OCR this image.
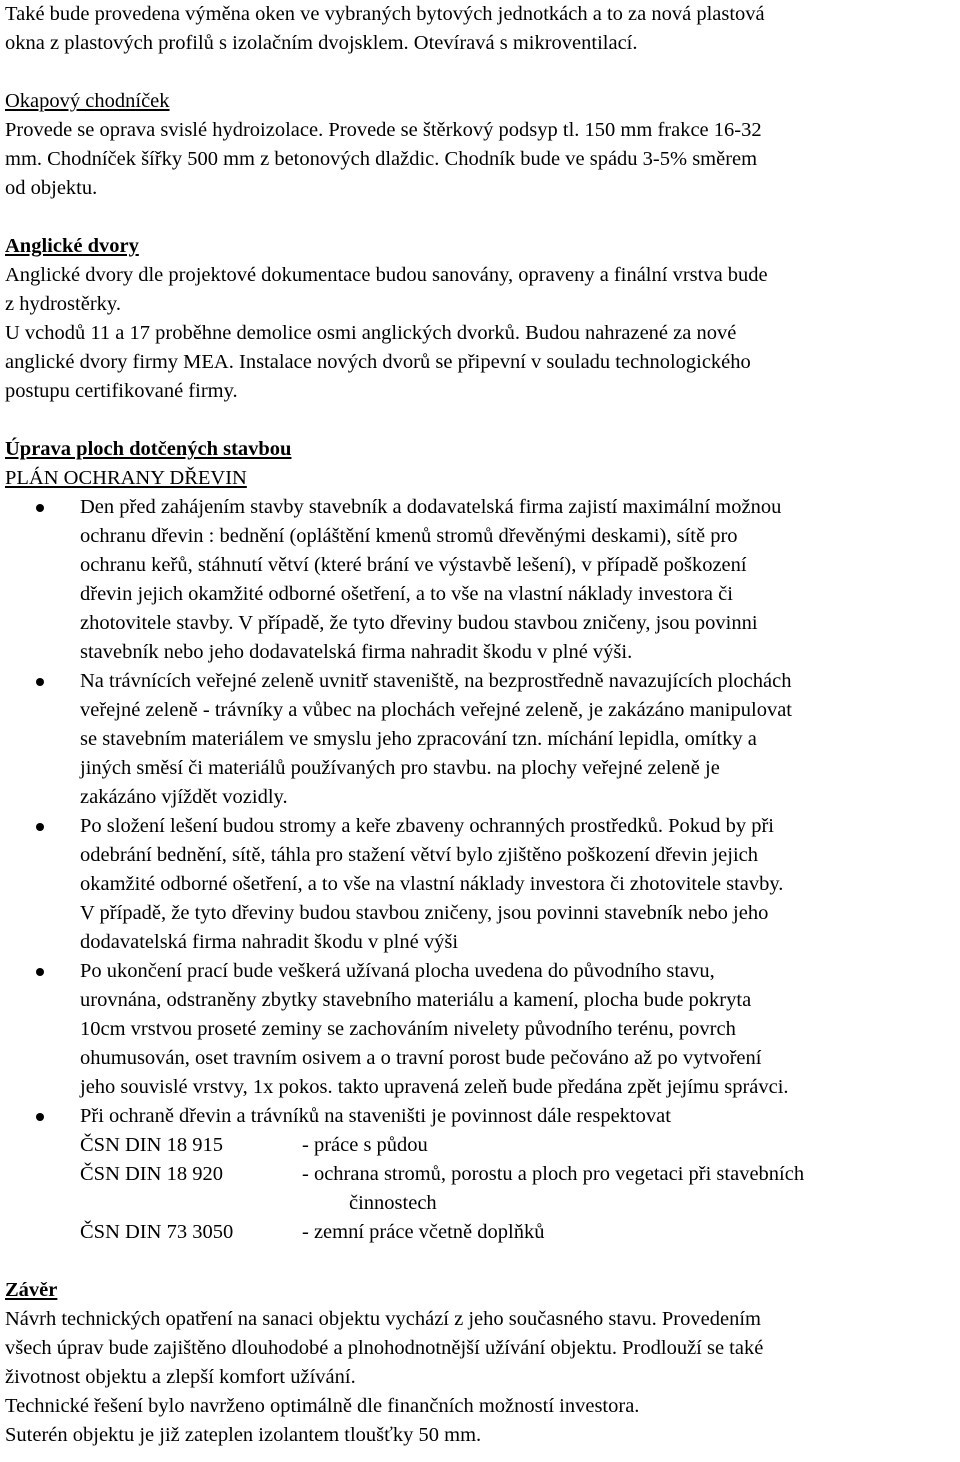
Také bude provedena výměna oken ve vybraných bytových jednotkách a to za nová plastová

okna z plastových profilů s izolačním dvojsklem. Otevíravá s mikroventilací.

Okapový chodníček

Provede se oprava svislé hydroizolace. Provede se štěrkový podsyp tl. 150 mm frakce 16-32

mm. Chodníček šířky 500 mm z betonových dlaždic. Chodník bude ve spádu 3-5% směrem

od objektu.

Anglické dvory

Anglické dvory dle projektové dokumentace budou sanovány, opraveny a finální vrstva bude

z hydrostěrky.

U vchodů 11 a 17 proběhne demolice osmi anglických dvorků. Budou nahrazené za nové

anglické dvory firmy MEA. Instalace nových dvorů se připevní v souladu technologického

postupu certifikované firmy.

Úprava ploch dotčených stavbou

PLÁN OCHRANY DŘEVIN

Den před zahájením stavby stavebník a dodavatelská firma zajistí maximální možnou
ochranu dřevin : bednění (opláštění kmenů stromů dřevěnými deskami), sítě pro
ochranu keřů, stáhnutí větví (které brání ve výstavbě lešení), v případě poškození
dřevin jejich okamžité odborné ošetření, a to vše na vlastní náklady investora či
zhotovitele stavby. V případě, že tyto dřeviny budou stavbou zničeny, jsou povinni
stavebník nebo jeho dodavatelská firma nahradit škodu v plné výši.
Na trávnících veřejné zeleně uvnitř staveniště, na bezprostředně navazujících plochách
veřejné zeleně - trávníky a vůbec na plochách veřejné zeleně, je zakázáno manipulovat
se stavebním materiálem ve smyslu jeho zpracování tzn. míchání lepidla, omítky a
jiných směsí či materiálů používaných pro stavbu. na plochy veřejné zeleně je
zakázáno vjíždět vozidly.
Po složení lešení budou stromy a keře zbaveny ochranných prostředků. Pokud by při
odebrání bednění, sítě, táhla pro stažení větví bylo zjištěno poškození dřevin jejich
okamžité odborné ošetření, a to vše na vlastní náklady investora či zhotovitele stavby.
V případě, že tyto dřeviny budou stavbou zničeny, jsou povinni stavebník nebo jeho
dodavatelská firma nahradit škodu v plné výši
Po ukončení prací bude veškerá užívaná plocha uvedena do původního stavu,
urovnána, odstraněny zbytky stavebního materiálu a kamení, plocha bude pokryta
10cm vrstvou proseté zeminy se zachováním nivelety původního terénu, povrch
ohumusován, oset travním osivem a o travní porost bude pečováno až po vytvoření
jeho souvislé vrstvy, 1x pokos. takto upravená zeleň bude předána zpět jejímu správci.
Při ochraně dřevin a trávníků na staveništi je povinnost dále respektovat
ČSN DIN 18 915	- práce s půdou
ČSN DIN 18 920	- ochrana stromů, porostu a ploch pro vegetaci při stavebních
činnostech
ČSN DIN 73 3050	- zemní práce včetně doplňků

Závěr

Návrh technických opatření na sanaci objektu vychází z jeho současného stavu. Provedením

všech úprav bude zajištěno dlouhodobé a plnohodnotnější užívání objektu. Prodlouží se také

životnost objektu a zlepší komfort užívání.

Technické řešení bylo navrženo optimálně dle finančních možností investora.

Suterén objektu je již zateplen izolantem tloušťky 50 mm.
